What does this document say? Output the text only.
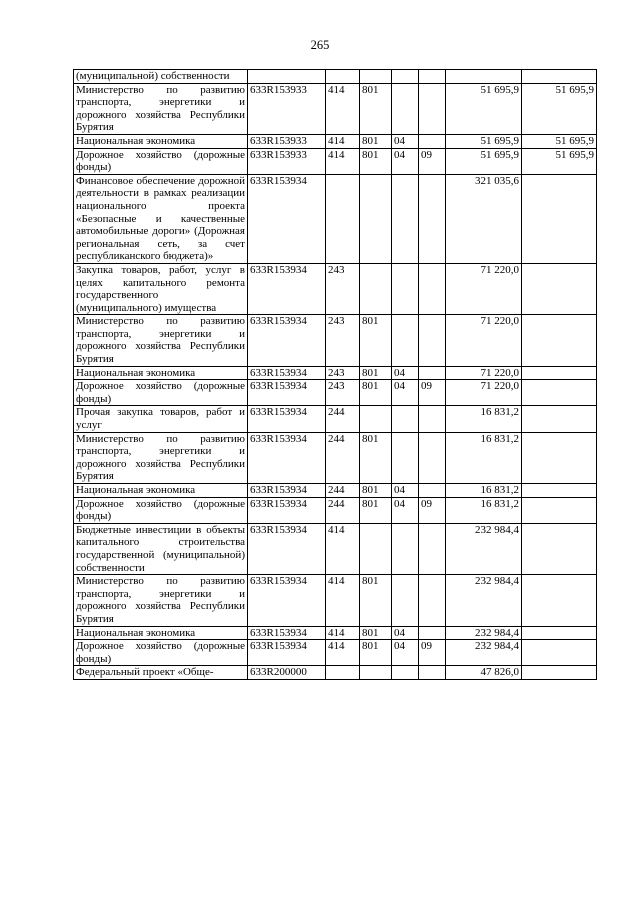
265
(муниципальной) собственности							
Министерство по развитию транспорта, энергетики и дорожного хозяйства Республики Бурятия	633R153933	414	801			51 695,9	51 695,9
Национальная экономика	633R153933	414	801	04		51 695,9	51 695,9
Дорожное хозяйство (дорожные фонды)	633R153933	414	801	04	09	51 695,9	51 695,9
Финансовое обеспечение дорожной деятельности в рамках реализации национального проекта «Безопасные и качественные автомобильные дороги» (Дорожная региональная сеть, за счет республиканского бюджета)»	633R153934					321 035,6	
Закупка товаров, работ, услуг в целях капитального ремонта государственного (муниципального) имущества	633R153934	243				71 220,0	
Министерство по развитию транспорта, энергетики и дорожного хозяйства Республики Бурятия	633R153934	243	801			71 220,0	
Национальная экономика	633R153934	243	801	04		71 220,0	
Дорожное хозяйство (дорожные фонды)	633R153934	243	801	04	09	71 220,0	
Прочая закупка товаров, работ и услуг	633R153934	244				16 831,2	
Министерство по развитию транспорта, энергетики и дорожного хозяйства Республики Бурятия	633R153934	244	801			16 831,2	
Национальная экономика	633R153934	244	801	04		16 831,2	
Дорожное хозяйство (дорожные фонды)	633R153934	244	801	04	09	16 831,2	
Бюджетные инвестиции в объекты капитального строительства государственной (муниципальной) собственности	633R153934	414				232 984,4	
Министерство по развитию транспорта, энергетики и дорожного хозяйства Республики Бурятия	633R153934	414	801			232 984,4	
Национальная экономика	633R153934	414	801	04		232 984,4	
Дорожное хозяйство (дорожные фонды)	633R153934	414	801	04	09	232 984,4	
Федеральный проект «Обще-	633R200000					47 826,0	
